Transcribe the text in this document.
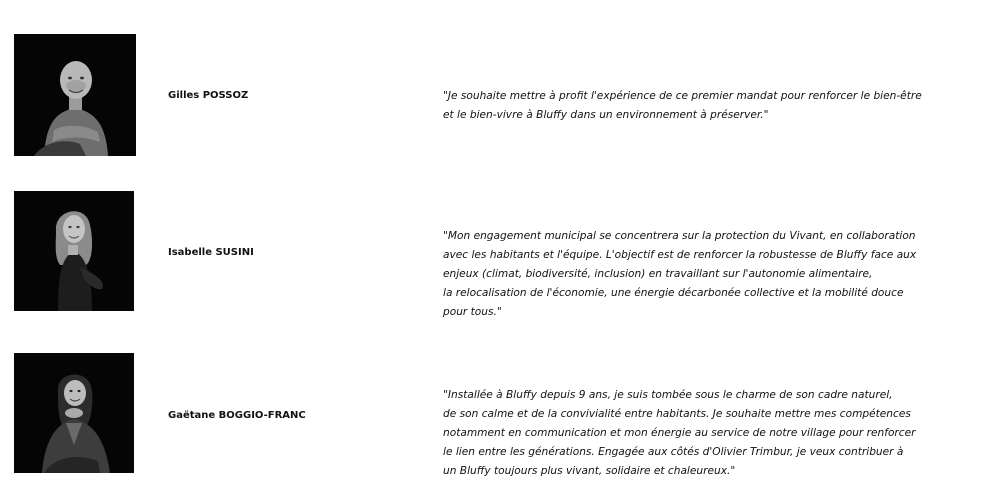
Gilles POSSOZ	"Je souhaite mettre à profit l'expérience de ce premier mandat pour renforcer le bien-être
et le bien-vivre à Bluffy dans un environnement à préserver."

Isabelle SUSINI

"Mon engagement municipal se concentrera sur la protection du Vivant, en collaboration
avec les habitants et l'équipe. L'objectif est de renforcer la robustesse de Bluffy face aux
enjeux (climat, biodiversité, inclusion) en travaillant sur l'autonomie alimentaire,
la relocalisation de l'économie, une énergie décarbonée collective et la mobilité douce
pour tous."

Gaëtane BOGGIO-FRANC

"Installée à Bluffy depuis 9 ans, je suis tombée sous le charme de son cadre naturel,
de son calme et de la convivialité entre habitants. Je souhaite mettre mes compétences
notamment en communication et mon énergie au service de notre village pour renforcer
le lien entre les générations. Engagée aux côtés d'Olivier Trimbur, je veux contribuer à
un Bluffy toujours plus vivant, solidaire et chaleureux."
